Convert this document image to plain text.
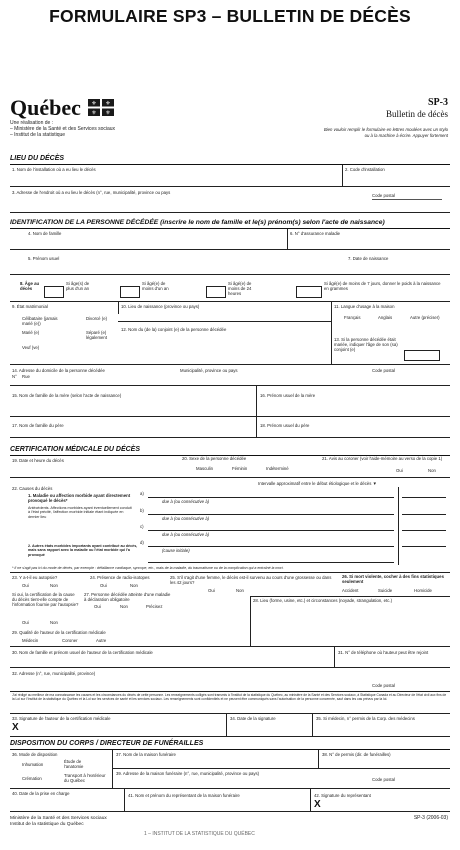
FORMULAIRE SP3 – BULLETIN DE DÉCÈS
Québec ⚜ ⚜
⚜ ⚜
Une réalisation de :
– Ministère de la Santé et des Services sociaux
– Institut de la statistique
SP-3
Bulletin de décès
Bien vouloir remplir le formulaire en lettres moulées avec un stylo
ou à la machine à écrire. Appuyer fortement
LIEU DU DÉCÈS
1. Nom de l'installation où a eu lieu le décès	2. Code d'installation
3. Adresse de l'endroit où a eu lieu le décès (n°, rue, municipalité, province ou pays
Code postal
IDENTIFICATION DE LA PERSONNE DÉCÉDÉE (inscrire le nom de famille et le(s) prénom(s) selon l'acte de naissance)
4. Nom de famille	6. N° d'assurance maladie
5. Prénom usuel	7. Date de naissance
8. Âge au décès
Si âge(s) de plus d'un an
Si âgé(e) de moins d'un an
Si âgé(e) de moins de 24 heures
Si âgé(e) de moins de 7 jours, donner le poids à la naissance en grammes
9. État matrimonial
Célibataire (jamais marié (e))
Divorcé (e)
Marié (e)	Séparé (e) légalement
Veuf (ve)
10. Lieu de naissance (province ou pays)
12. Nom du (de la) conjoint (e) de la personne décédée
11. Langue d'usage à la maison
Français	Anglais	Autre (préciser)
13. Si la personne décédée était mariée, indiquer l'âge de son (sa) conjoint (e)
14. Adresse du domicile de la personne décédée
N° Rue
Municipalité, province ou pays	Code postal
15. Nom de famille de la mère (selon l'acte de naissance)	16. Prénom usuel de la mère
17. Nom de famille du père	18. Prénom usuel du père
CERTIFICATION MÉDICALE DU DÉCÈS
19. Date et heure du décès	20. Sexe de la personne décédée
Masculin	Féminin	Indéterminé
21. Avis au coroner (voir l'aide-mémoire au verso de la copie 1)
Oui	Non
22. Causes du décès
Intervalle approximatif entre le début étiologique et le décès ▼
1. Maladie ou affection morbide ayant directement provoqué le décès*
Antécédents. Affections morbides ayant éventuellement conduit à l'état précité, l'affection morbide initiale étant indiquée en dernier lieu
a)
due à (ou consécutive à)
b)
due à (ou consécutive à)
c)
due à (ou consécutive à)
d)
(cause initiale)
2. Autres états morbides importants ayant contribué au décès, mais sans rapport avec la maladie ou l'état morbide qui l'a provoqué
* Il ne s'agit pas ici du mode de décès, par exemple : défaillance cardiaque, syncope, etc., mais de la maladie, du traumatisme ou de la complication qui a entraîné la mort.
23. Y a-t-il eu autopsie?
Oui	Non
24. Présence de radio-isotopes
Oui	Non
25. S'il s'agit d'une femme, le décès est-il survenu au cours d'une grossesse ou dans les 42 jours?
Oui	Non
26. Si mort violente, cocher à des fins statistiques seulement
Accident	Suicide	Homicide
Si oui, la certification de la cause du décès tient-elle compte de l'information fournie par l'autopsie?
Oui	Non
27. Personne décédée atteinte d'une maladie à déclaration obligatoire
Oui	Non	Précisez
28. Lieu (forme, usine, etc.) et circonstances (noyade, strangulation, etc.)
29. Qualité de l'auteur de la certification médicale
Médecin	Coroner	Autre
30. Nom de famille et prénom usuel de l'auteur de la certification médicale	31. N° de téléphone où l'auteur peut être rejoint
32. Adresse (n°, rue, municipalité, province)
Code postal
J'ai rédigé au meilleur de ma connaissance les causes et les circonstances du décès de cette personne. Les renseignements colligés sont transmis à l'Institut de la statistique du Québec, au ministère de la Santé et des Services sociaux, à Statistique Canada et au Directeur de l'état civil aux fins de la Loi sur l'Institut de la statistique du Québec et la Loi sur les services de santé et les services sociaux. Les renseignements sont confidentiels et ne peuvent être communiqués sans l'autorisation de la personne concernée, sauf dans les cas prévus par la loi.
33. Signature de l'auteur de la certification médicale
X
34. Date de la signature	35. Si médecin, n° permis de la Corp. des médecins
DISPOSITION DU CORPS / DIRECTEUR DE FUNÉRAILLES
36. Mode de disposition
Inhumation
Étude de l'anatomie
Crémation
Transport à l'extérieur du Québec
37. Nom de la maison funéraire	38. N° de permis (dir. de funérailles)
39. Adresse de la maison funéraire (n°, rue, municipalité, province ou pays)
Code postal
40. Date de la prise en charge	41. Nom et prénom du représentant de la maison funéraire	42. Signature du représentant
X
Ministère de la Santé et des Services sociaux
Institut de la statistique du Québec
1 – INSTITUT DE LA STATISTIQUE DU QUÉBEC
SP-3 (2006-03)
